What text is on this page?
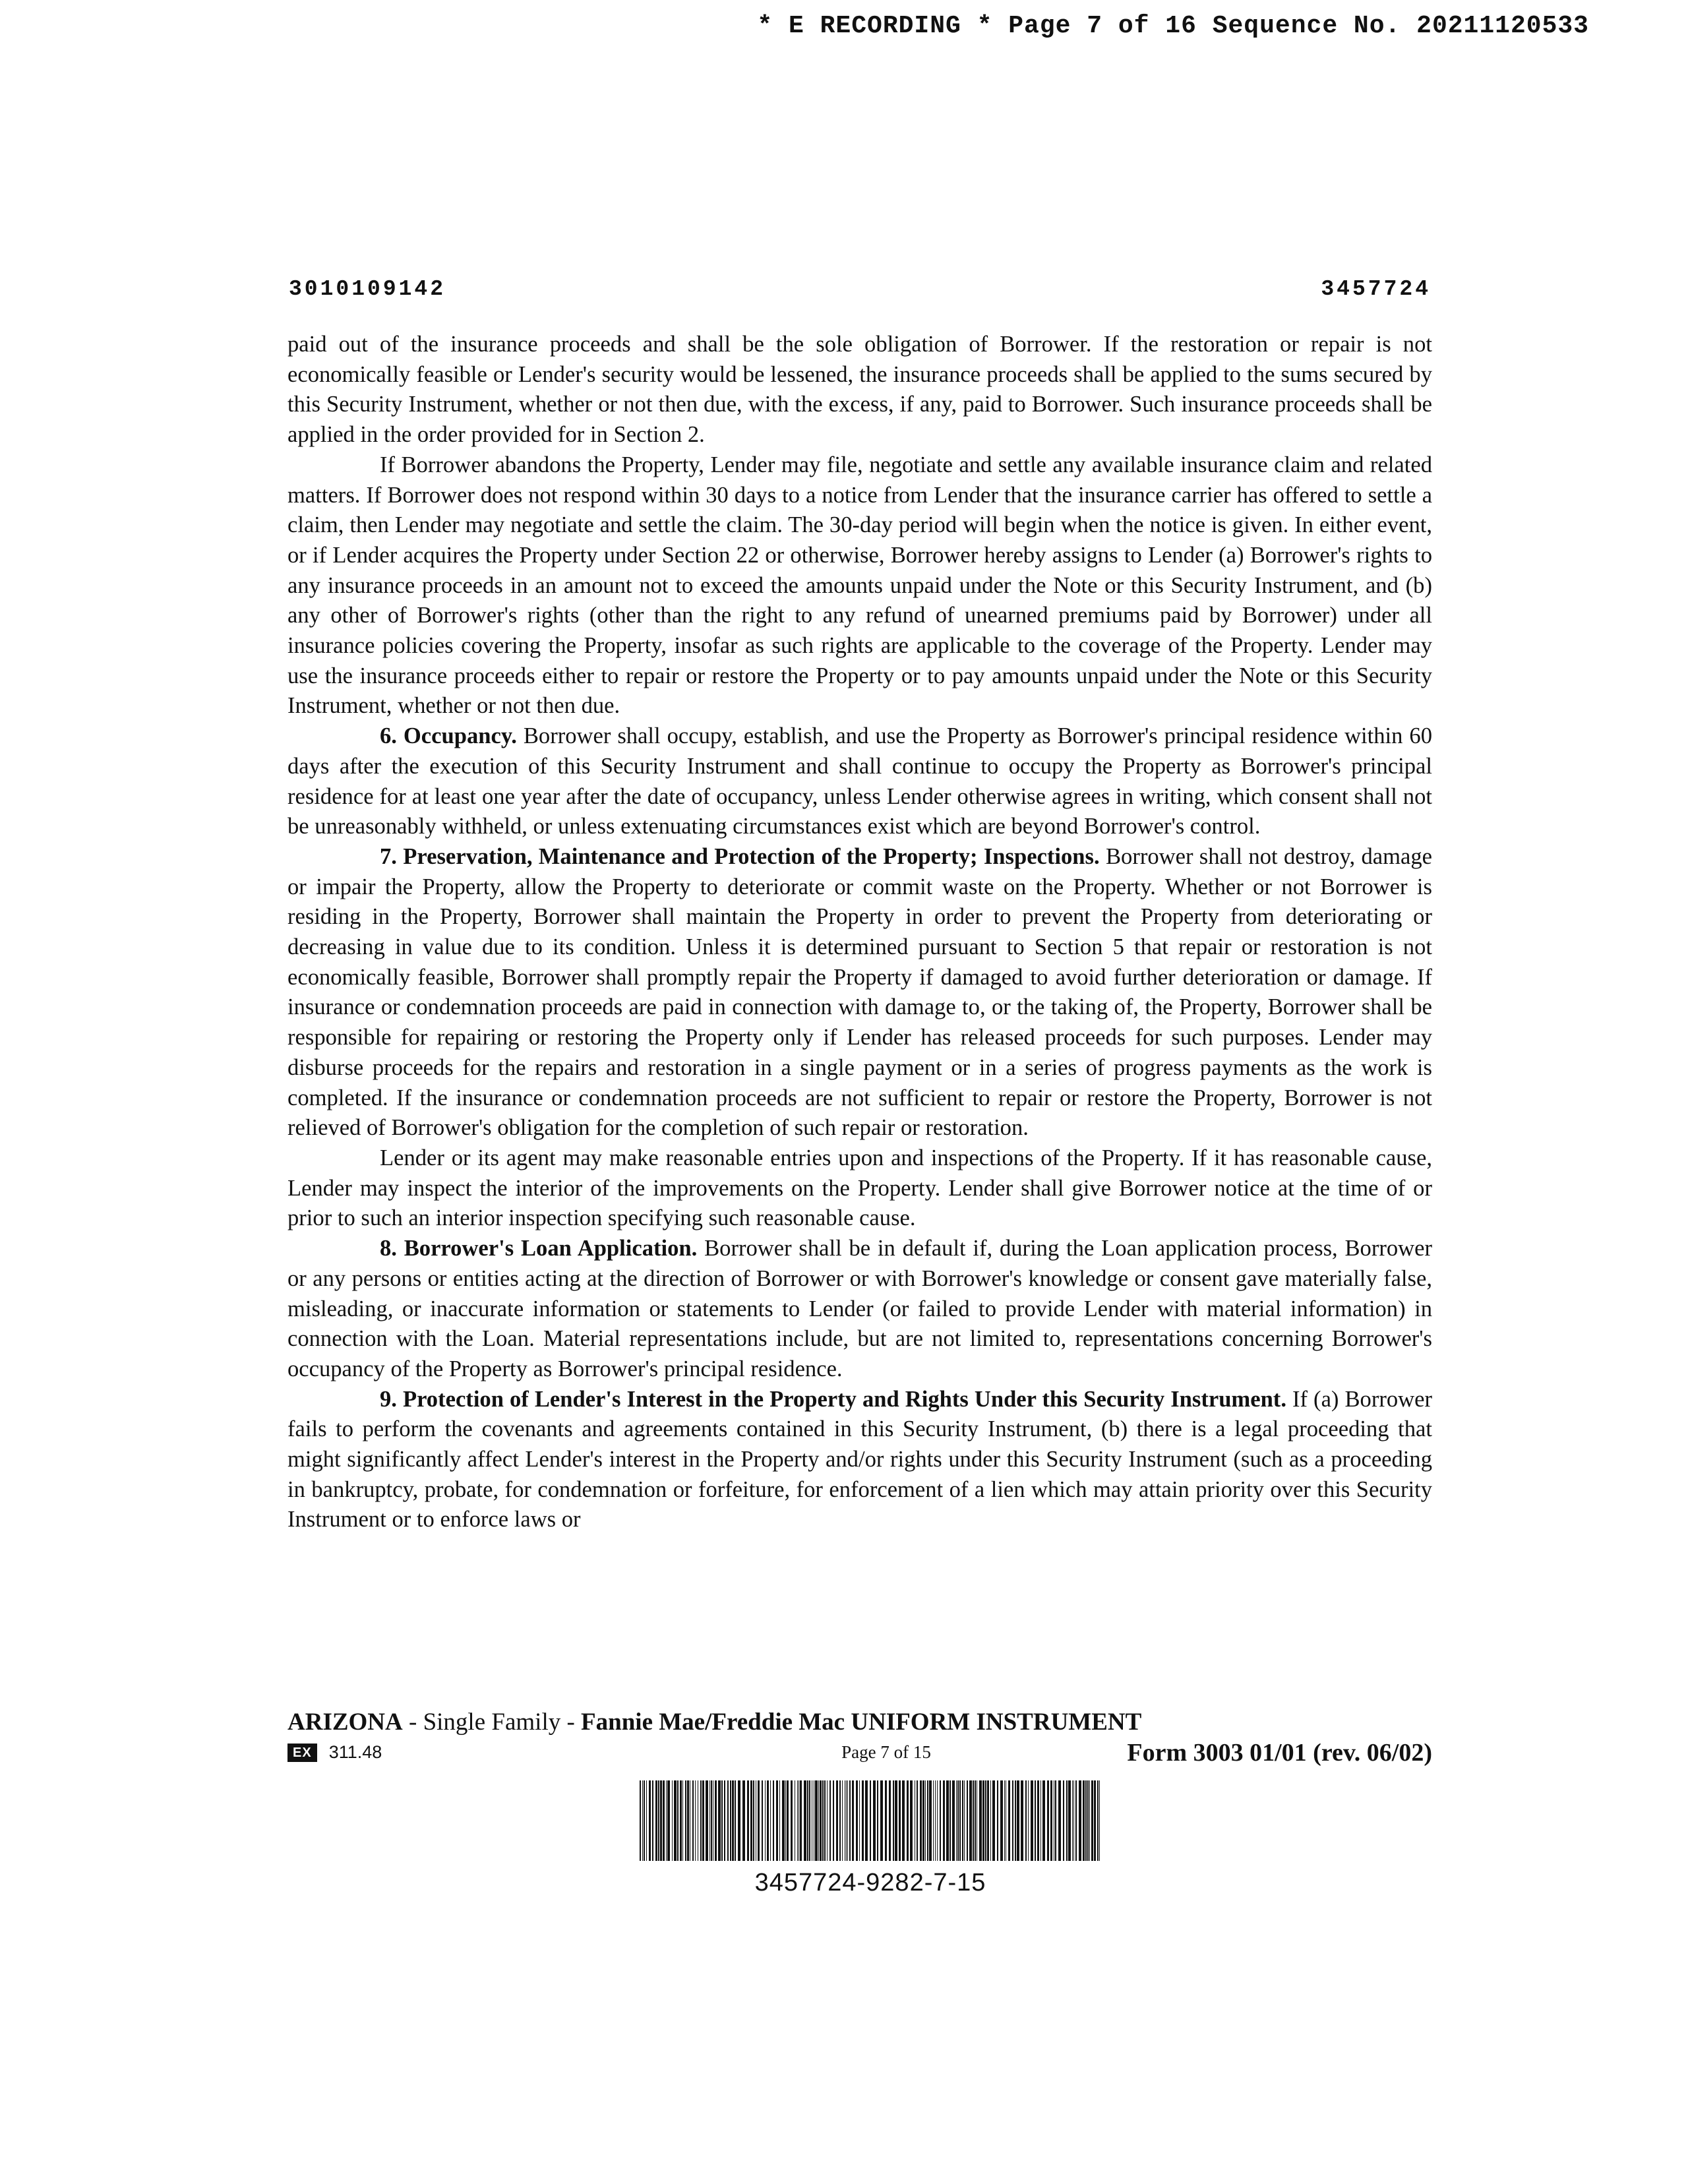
* E RECORDING * Page 7 of 16 Sequence No. 20211120533
3010109142	3457724

paid out of the insurance proceeds and shall be the sole obligation of Borrower. If the restoration or repair is not economically feasible or Lender's security would be lessened, the insurance proceeds shall be applied to the sums secured by this Security Instrument, whether or not then due, with the excess, if any, paid to Borrower. Such insurance proceeds shall be applied in the order provided for in Section 2.

If Borrower abandons the Property, Lender may file, negotiate and settle any available insurance claim and related matters. If Borrower does not respond within 30 days to a notice from Lender that the insurance carrier has offered to settle a claim, then Lender may negotiate and settle the claim. The 30-day period will begin when the notice is given. In either event, or if Lender acquires the Property under Section 22 or otherwise, Borrower hereby assigns to Lender (a) Borrower's rights to any insurance proceeds in an amount not to exceed the amounts unpaid under the Note or this Security Instrument, and (b) any other of Borrower's rights (other than the right to any refund of unearned premiums paid by Borrower) under all insurance policies covering the Property, insofar as such rights are applicable to the coverage of the Property. Lender may use the insurance proceeds either to repair or restore the Property or to pay amounts unpaid under the Note or this Security Instrument, whether or not then due.

6. Occupancy. Borrower shall occupy, establish, and use the Property as Borrower's principal residence within 60 days after the execution of this Security Instrument and shall continue to occupy the Property as Borrower's principal residence for at least one year after the date of occupancy, unless Lender otherwise agrees in writing, which consent shall not be unreasonably withheld, or unless extenuating circumstances exist which are beyond Borrower's control.

7. Preservation, Maintenance and Protection of the Property; Inspections. Borrower shall not destroy, damage or impair the Property, allow the Property to deteriorate or commit waste on the Property. Whether or not Borrower is residing in the Property, Borrower shall maintain the Property in order to prevent the Property from deteriorating or decreasing in value due to its condition. Unless it is determined pursuant to Section 5 that repair or restoration is not economically feasible, Borrower shall promptly repair the Property if damaged to avoid further deterioration or damage. If insurance or condemnation proceeds are paid in connection with damage to, or the taking of, the Property, Borrower shall be responsible for repairing or restoring the Property only if Lender has released proceeds for such purposes. Lender may disburse proceeds for the repairs and restoration in a single payment or in a series of progress payments as the work is completed. If the insurance or condemnation proceeds are not sufficient to repair or restore the Property, Borrower is not relieved of Borrower's obligation for the completion of such repair or restoration.

Lender or its agent may make reasonable entries upon and inspections of the Property. If it has reasonable cause, Lender may inspect the interior of the improvements on the Property. Lender shall give Borrower notice at the time of or prior to such an interior inspection specifying such reasonable cause.

8. Borrower's Loan Application. Borrower shall be in default if, during the Loan application process, Borrower or any persons or entities acting at the direction of Borrower or with Borrower's knowledge or consent gave materially false, misleading, or inaccurate information or statements to Lender (or failed to provide Lender with material information) in connection with the Loan. Material representations include, but are not limited to, representations concerning Borrower's occupancy of the Property as Borrower's principal residence.

9. Protection of Lender's Interest in the Property and Rights Under this Security Instrument. If (a) Borrower fails to perform the covenants and agreements contained in this Security Instrument, (b) there is a legal proceeding that might significantly affect Lender's interest in the Property and/or rights under this Security Instrument (such as a proceeding in bankruptcy, probate, for condemnation or forfeiture, for enforcement of a lien which may attain priority over this Security Instrument or to enforce laws or

ARIZONA - Single Family - Fannie Mae/Freddie Mac UNIFORM INSTRUMENT
EX 311.48	Page 7 of 15	Form 3003 01/01 (rev. 06/02)
3457724-9282-7-15
